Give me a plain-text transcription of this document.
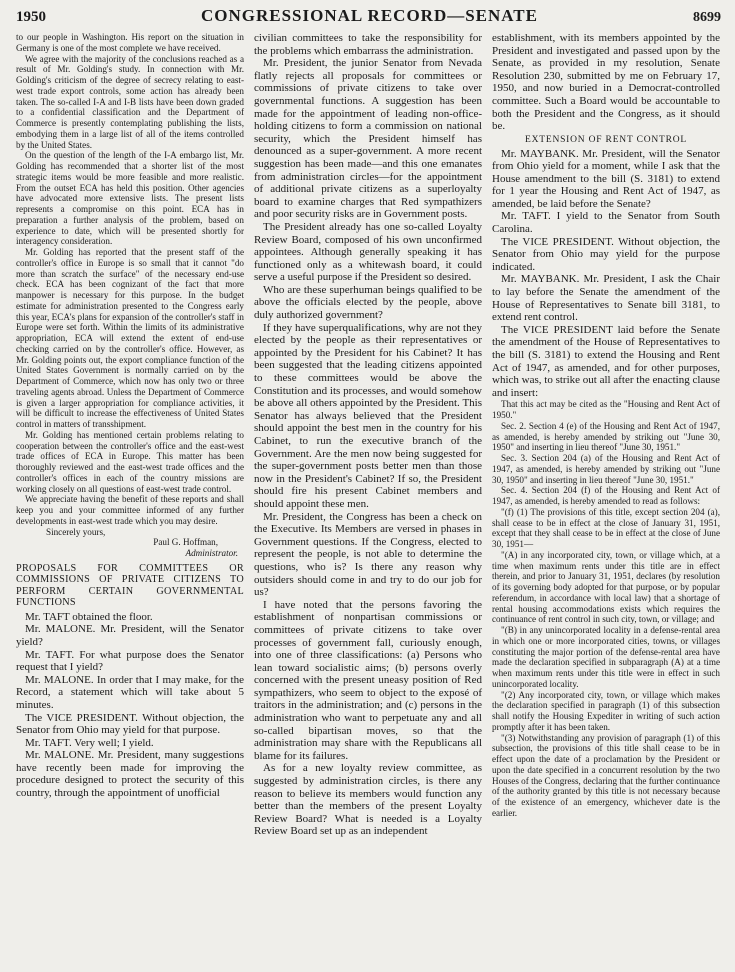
1950	CONGRESSIONAL RECORD—SENATE	8699

to our people in Washington. His report on the situation in Germany is one of the most complete we have received.

We agree with the majority of the conclusions reached as a result of Mr. Golding's study. In connection with Mr. Golding's criticism of the degree of secrecy relating to east-west trade export controls, some action has already been taken. The so-called I-A and I-B lists have been down graded to a confidential classification and the Department of Commerce is presently contemplating publishing the lists, embodying them in a large list of all of the items controlled by the United States.

On the question of the length of the I-A embargo list, Mr. Golding has recommended that a shorter list of the most strategic items would be more feasible and more realistic. From the outset ECA has held this position. Other agencies have advocated more extensive lists. The present lists represents a compromise on this point. ECA has in preparation a further analysis of the problem, based on experience to date, which will be presented shortly for interagency consideration.

Mr. Golding has reported that the present staff of the controller's office in Europe is so small that it cannot "do more than scratch the surface" of the necessary end-use check. ECA has been cognizant of the fact that more manpower is necessary for this purpose. In the budget estimate for administration presented to the Congress early this year, ECA's plans for expansion of the controller's staff in Europe were set forth. Within the limits of its administrative appropriation, ECA will extend the extent of end-use checking carried on by the controller's office. However, as Mr. Golding points out, the export compliance function of the United States Government is normally carried on by the Department of Commerce, which now has only two or three traveling agents abroad. Unless the Department of Commerce is given a larger appropriation for compliance activities, it will be difficult to increase the effectiveness of United States control in matters of transshipment.

Mr. Golding has mentioned certain problems relating to cooperation between the controller's office and the east-west trade offices of ECA in Europe. This matter has been thoroughly reviewed and the east-west trade offices and the controller's offices in each of the country missions are working closely on all questions of east-west trade control.

We appreciate having the benefit of these reports and shall keep you and your committee informed of any further developments in east-west trade which you may desire.

Sincerely yours,

Paul G. Hoffman,

Administrator.

PROPOSALS FOR COMMITTEES OR COMMISSIONS OF PRIVATE CITIZENS TO PERFORM CERTAIN GOVERNMENTAL FUNCTIONS

Mr. TAFT obtained the floor.

Mr. MALONE. Mr. President, will the Senator yield?

Mr. TAFT. For what purpose does the Senator request that I yield?

Mr. MALONE. In order that I may make, for the Record, a statement which will take about 5 minutes.

The VICE PRESIDENT. Without objection, the Senator from Ohio may yield for that purpose.

Mr. TAFT. Very well; I yield.

Mr. MALONE. Mr. President, many suggestions have recently been made for improving the procedure designed to protect the security of this country, through the appointment of unofficial

civilian committees to take the responsibility for the problems which embarrass the administration.

Mr. President, the junior Senator from Nevada flatly rejects all proposals for committees or commissions of private citizens to take over governmental functions. A suggestion has been made for the appointment of leading non-office-holding citizens to form a commission on national security, which the President himself has denounced as a super-government. A more recent suggestion has been made—and this one emanates from administration circles—for the appointment of additional private citizens as a superloyalty board to examine charges that Red sympathizers and poor security risks are in Government posts.

The President already has one so-called Loyalty Review Board, composed of his own unconfirmed appointees. Although generally speaking it has functioned only as a whitewash board, it could serve a useful purpose if the President so desired.

Who are these superhuman beings qualified to be above the officials elected by the people, above duly authorized government?

If they have superqualifications, why are not they elected by the people as their representatives or appointed by the President for his Cabinet? It has been suggested that the leading citizens appointed to these committees would be above the Constitution and its processes, and would somehow be above all others appointed by the President. This Senator has always believed that the President should appoint the best men in the country for his Cabinet, to run the executive branch of the Government. Are the men now being suggested for the super-government posts better men than those now in the President's Cabinet? If so, the President should fire his present Cabinet members and should appoint these men.

Mr. President, the Congress has been a check on the Executive. Its Members are versed in phases in Government questions. If the Congress, elected to represent the people, is not able to determine the questions, who is? Is there any reason why outsiders should come in and try to do our job for us?

I have noted that the persons favoring the establishment of nonpartisan commissions or committees of private citizens to take over processes of government fall, curiously enough, into one of three classifications: (a) Persons who lean toward socialistic aims; (b) persons overly concerned with the present uneasy position of Red sympathizers, who seem to object to the exposé of traitors in the administration; and (c) persons in the administration who want to perpetuate any and all so-called bipartisan moves, so that the administration may share with the Republicans all blame for its failures.

As for a new loyalty review committee, as suggested by administration circles, is there any reason to believe its members would function any better than the members of the present Loyalty Review Board? What is needed is a Loyalty Review Board set up as an independent

establishment, with its members appointed by the President and investigated and passed upon by the Senate, as provided in my resolution, Senate Resolution 230, submitted by me on February 17, 1950, and now buried in a Democrat-controlled committee. Such a Board would be accountable to both the President and the Congress, as it should be.

EXTENSION OF RENT CONTROL

Mr. MAYBANK. Mr. President, will the Senator from Ohio yield for a moment, while I ask that the House amendment to the bill (S. 3181) to extend for 1 year the Housing and Rent Act of 1947, as amended, be laid before the Senate?

Mr. TAFT. I yield to the Senator from South Carolina.

The VICE PRESIDENT. Without objection, the Senator from Ohio may yield for the purpose indicated.

Mr. MAYBANK. Mr. President, I ask the Chair to lay before the Senate the amendment of the House of Representatives to Senate bill 3181, to extend rent control.

The VICE PRESIDENT laid before the Senate the amendment of the House of Representatives to the bill (S. 3181) to extend the Housing and Rent Act of 1947, as amended, and for other purposes, which was, to strike out all after the enacting clause and insert:

That this act may be cited as the "Housing and Rent Act of 1950."

Sec. 2. Section 4 (e) of the Housing and Rent Act of 1947, as amended, is hereby amended by striking out "June 30, 1950" and inserting in lieu thereof "June 30, 1951."

Sec. 3. Section 204 (a) of the Housing and Rent Act of 1947, as amended, is hereby amended by striking out "June 30, 1950" and inserting in lieu thereof "June 30, 1951."

Sec. 4. Section 204 (f) of the Housing and Rent Act of 1947, as amended, is hereby amended to read as follows:

"(f) (1) The provisions of this title, except section 204 (a), shall cease to be in effect at the close of January 31, 1951, except that they shall cease to be in effect at the close of June 30, 1951—

"(A) in any incorporated city, town, or village which, at a time when maximum rents under this title are in effect therein, and prior to January 31, 1951, declares (by resolution of its governing body adopted for that purpose, or by popular referendum, in accordance with local law) that a shortage of rental housing accommodations exists which requires the continuance of rent control in such city, town, or village; and

"(B) in any unincorporated locality in a defense-rental area in which one or more incorporated cities, towns, or villages constituting the major portion of the defense-rental area have made the declaration specified in subparagraph (A) at a time when maximum rents under this title were in effect in such unincorporated locality.

"(2) Any incorporated city, town, or village which makes the declaration specified in paragraph (1) of this subsection shall notify the Housing Expediter in writing of such action promptly after it has been taken.

"(3) Notwithstanding any provision of paragraph (1) of this subsection, the provisions of this title shall cease to be in effect upon the date of a proclamation by the President or upon the date specified in a concurrent resolution by the two Houses of the Congress, declaring that the further continuance of the authority granted by this title is not necessary because of the existence of an emergency, whichever date is the earlier.
